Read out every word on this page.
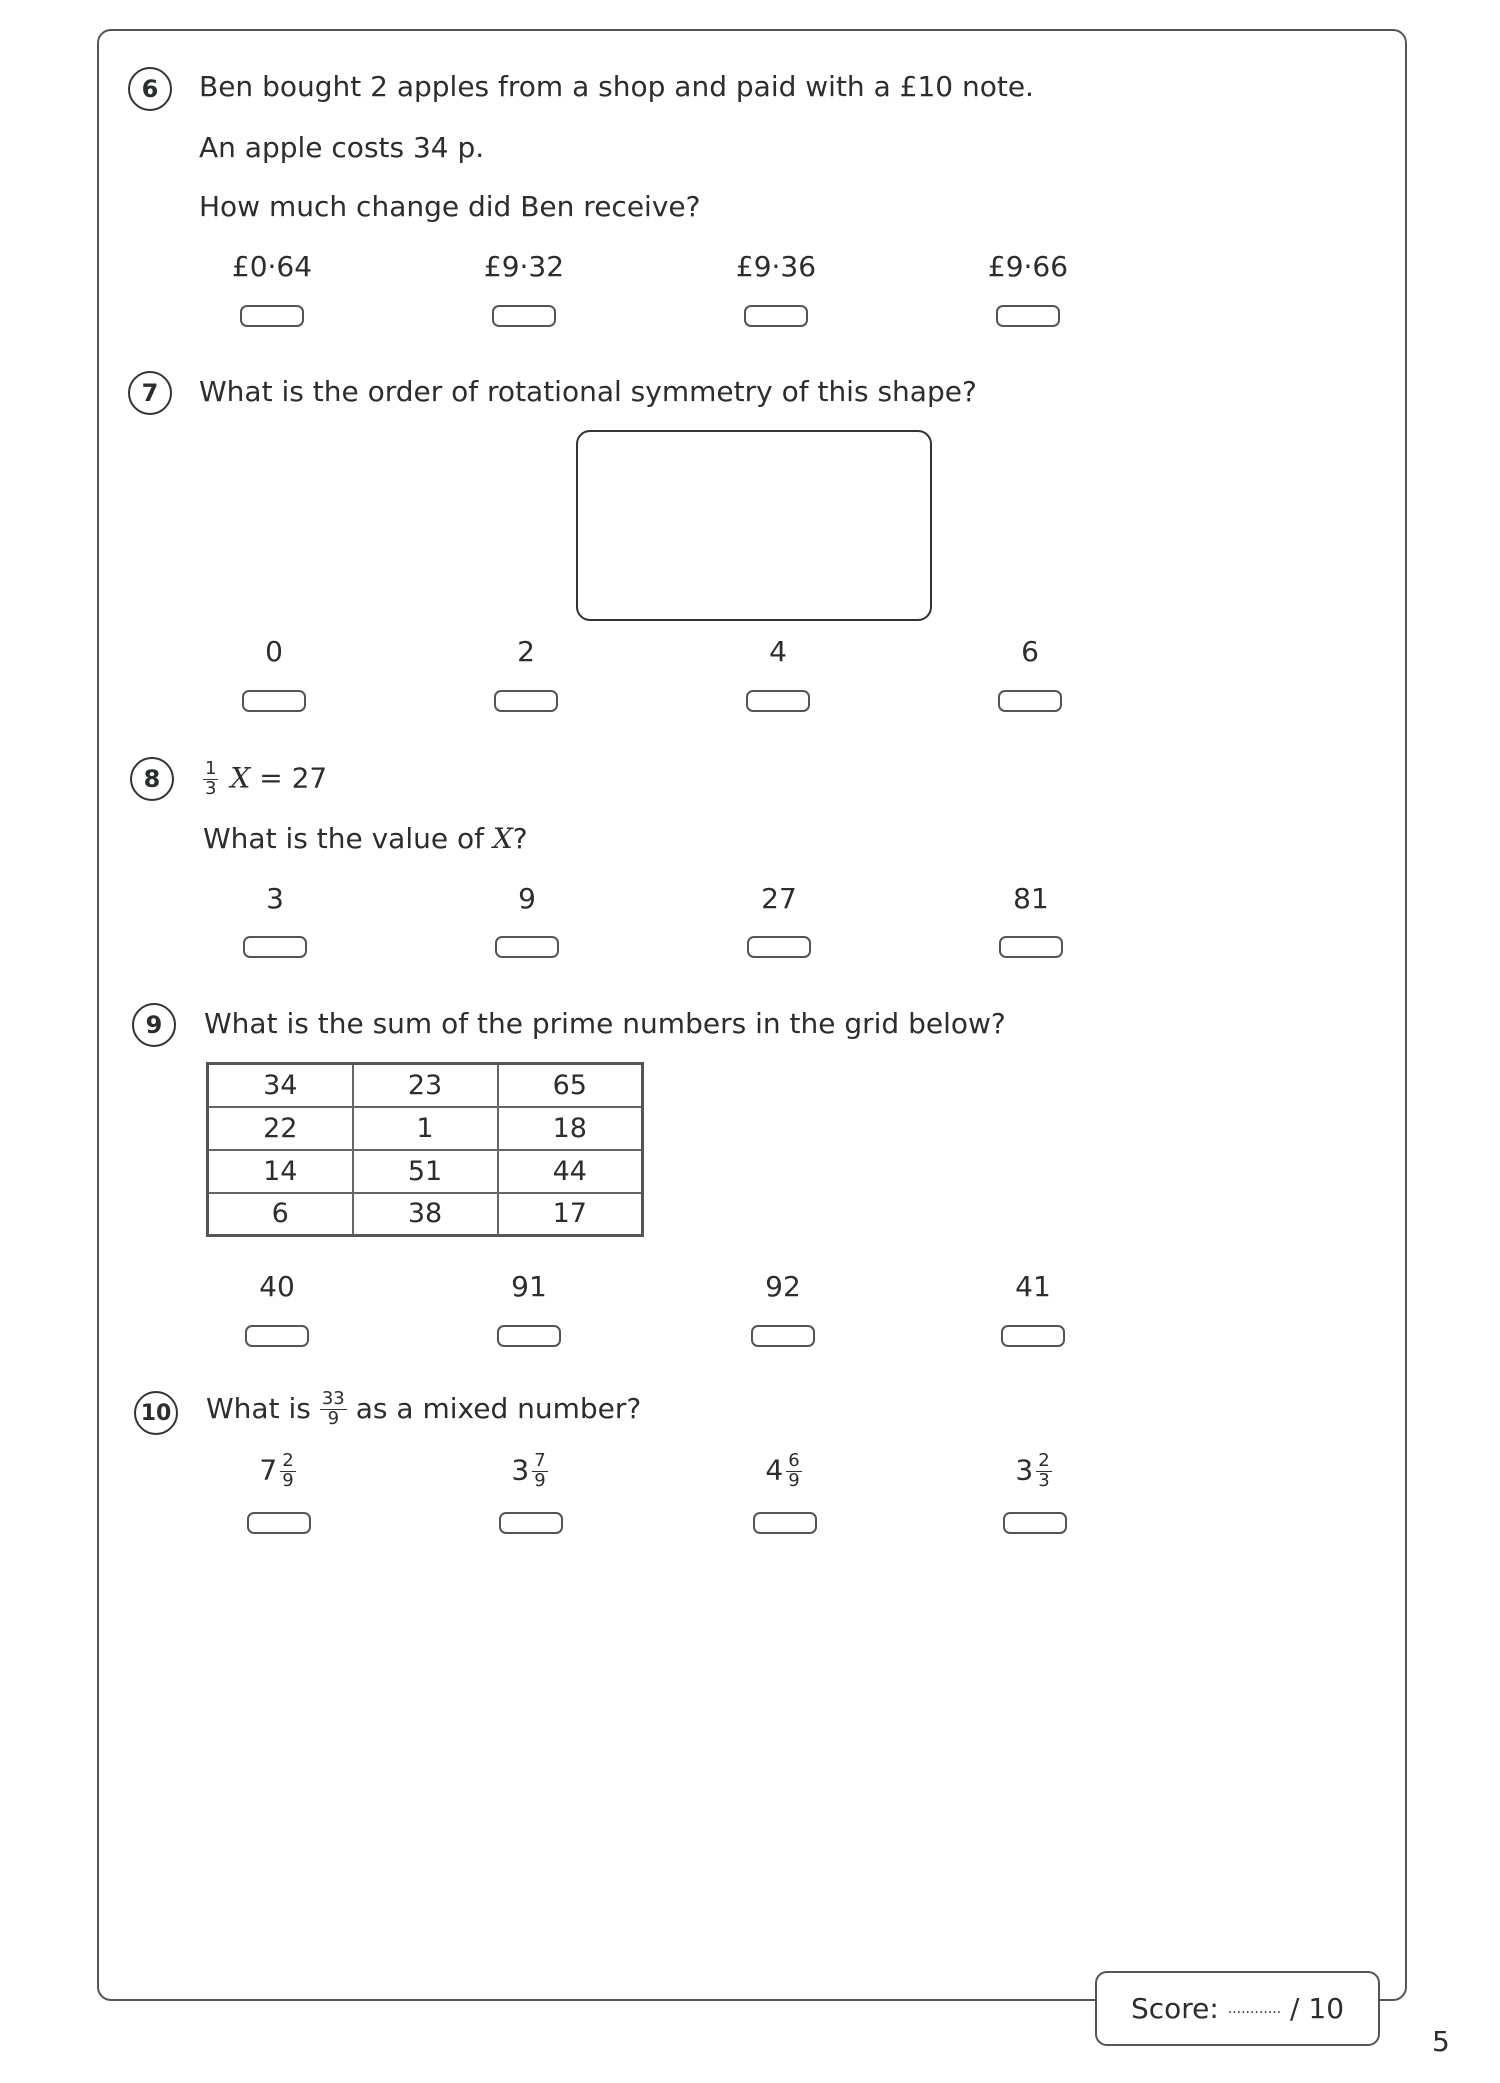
6	Ben bought 2 apples from a shop and paid with a £10 note.
An apple costs 34 p.
How much change did Ben receive?
£0·64	£9·32	£9·36	£9·66
7	What is the order of rotational symmetry of this shape?
0	2	4	6
8	$\frac{1}{3}$ X = 27
What is the value of X?
3	9	27	81
9	What is the sum of the prime numbers in the grid below?
34	23	65
22	1	18
14	51	44
6	38	17
40	91	92	41
10 What is $\frac{33}{9}$ as a mixed number?
$7 \frac{2}{9}$	$3 \frac{7}{9}$	$4 \frac{6}{9}$	$3 \frac{2}{3}$
Score:
............
/ 10
5
